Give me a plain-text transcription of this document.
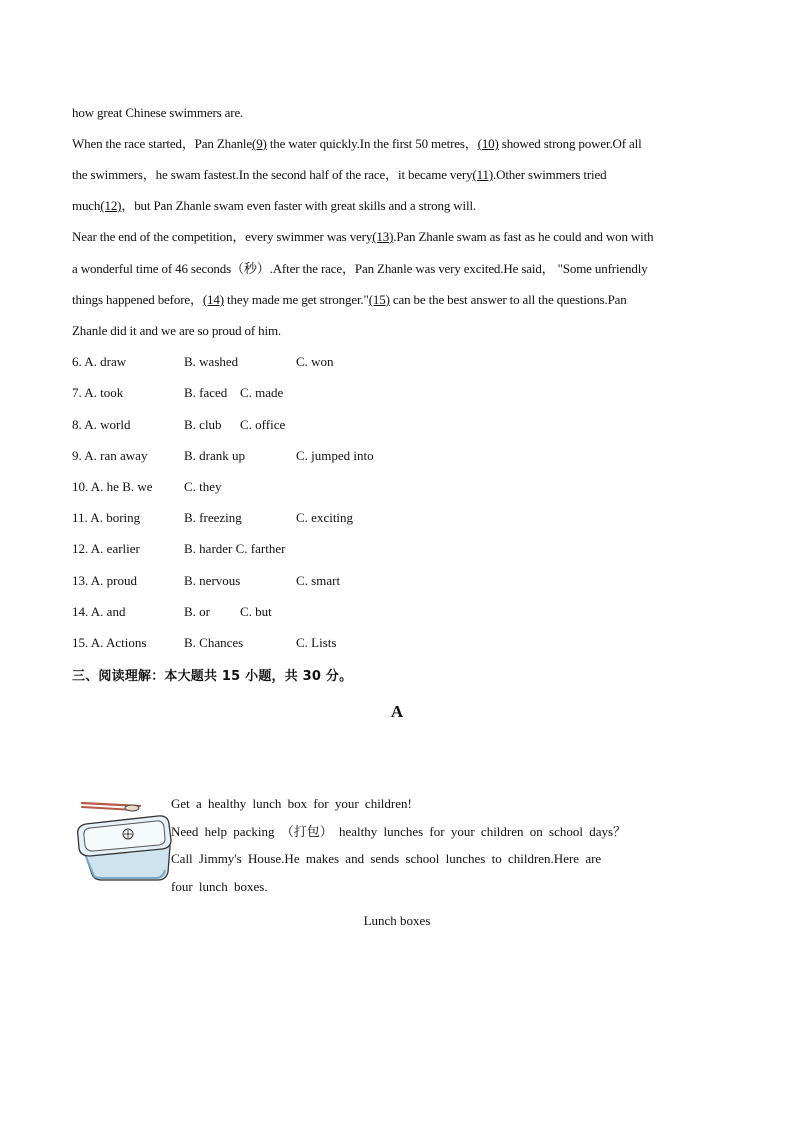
how great Chinese swimmers are.
When the race started，Pan Zhanle(9) the water quickly.In the first 50 metres，(10) showed strong power.Of all
the swimmers，he swam fastest.In the second half of the race，it became very(11).Other swimmers tried
much(12)，but Pan Zhanle swam even faster with great skills and a strong will.
Near the end of the competition，every swimmer was very(13).Pan Zhanle swam as fast as he could and won with
a wonderful time of 46 seconds（秒）.After the race，Pan Zhanle was very excited.He said， "Some unfriendly
things happened before，(14) they made me get stronger."(15) can be the best answer to all the questions.Pan
Zhanle did it and we are so proud of him.
6. A. draw	B. washed	C. won
7. A. took	B. faced C. made
8. A. world	B. club C. office
9. A. ran away	B. drank up	C. jumped into
10. A. he B. we C. they
11. A. boring	B. freezing	C. exciting
12. A. earlier	B. harder C. farther
13. A. proud	B. nervous	C. smart
14. A. and	B. or C. but
15. A. Actions	B. Chances	C. Lists
三、阅读理解：本大题共 15 小题，共 30 分。
A
Get a healthy lunch box for your children!
Need help packing （打包） healthy lunches for your children on school days？
Call Jimmy's House.He makes and sends school lunches to children.Here are
four lunch boxes.
Lunch boxes
